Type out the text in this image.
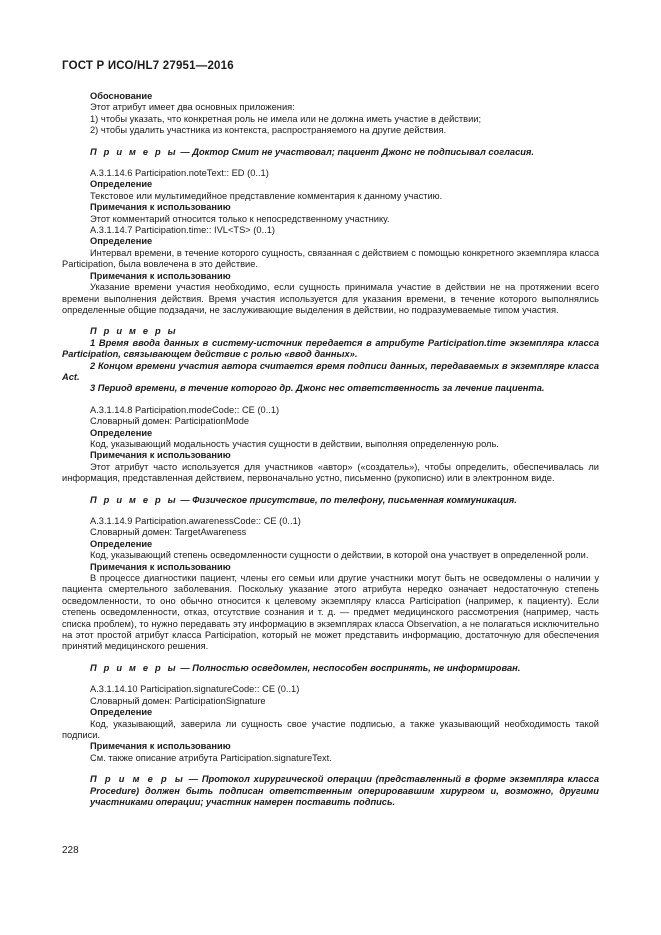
ГОСТ Р ИСО/HL7 27951—2016
Обоснование
Этот атрибут имеет два основных приложения:
1) чтобы указать, что конкретная роль не имела или не должна иметь участие в действии;
2) чтобы удалить участника из контекста, распространяемого на другие действия.
П р и м е р ы — Доктор Смит не участвовал; пациент Джонс не подписывал согласия.
A.3.1.14.6 Participation.noteText:: ED (0..1)
Определение
Текстовое или мультимедийное представление комментария к данному участию.
Примечания к использованию
Этот комментарий относится только к непосредственному участнику.
A.3.1.14.7 Participation.time:: IVL<TS> (0..1)
Определение
Интервал времени, в течение которого сущность, связанная с действием с помощью конкретного экземпляра класса Participation, была вовлечена в это действие.
Примечания к использованию
Указание времени участия необходимо, если сущность принимала участие в действии не на протяжении всего времени выполнения действия. Время участия используется для указания времени, в течение которого выполнялись определенные общие подзадачи, не заслуживающие выделения в действии, но подразумеваемые типом участия.
П р и м е р ы
1 Время ввода данных в систему-источник передается в атрибуте Participation.time экземпляра класса Participation, связывающем действие с ролью «ввод данных».
2 Концом времени участия автора считается время подписи данных, передаваемых в экземпляре класса Act.
3 Период времени, в течение которого др. Джонс нес ответственность за лечение пациента.
A.3.1.14.8 Participation.modeCode:: CE (0..1)
Словарный домен: ParticipationMode
Определение
Код, указывающий модальность участия сущности в действии, выполняя определенную роль.
Примечания к использованию
Этот атрибут часто используется для участников «автор» («создатель»), чтобы определить, обеспечивалась ли информация, представленная действием, первоначально устно, письменно (рукописно) или в электронном виде.
П р и м е р ы — Физическое присутствие, по телефону, письменная коммуникация.
A.3.1.14.9 Participation.awarenessCode:: CE (0..1)
Словарный домен: TargetAwareness
Определение
Код, указывающий степень осведомленности сущности о действии, в которой она участвует в определенной роли.
Примечания к использованию
В процессе диагностики пациент, члены его семьи или другие участники могут быть не осведомлены о наличии у пациента смертельного заболевания. Поскольку указание этого атрибута нередко означает недостаточную степень осведомленности, то оно обычно относится к целевому экземпляру класса Participation (например, к пациенту). Если степень осведомленности, отказ, отсутствие сознания и т. д. — предмет медицинского рассмотрения (например, часть списка проблем), то нужно передавать эту информацию в экземплярах класса Observation, а не полагаться исключительно на этот простой атрибут класса Participation, который не может представить информацию, достаточную для обеспечения принятий медицинского решения.
П р и м е р ы — Полностью осведомлен, неспособен воспринять, не информирован.
A.3.1.14.10 Participation.signatureCode:: CE (0..1)
Словарный домен: ParticipationSignature
Определение
Код, указывающий, заверила ли сущность свое участие подписью, а также указывающий необходимость такой подписи.
Примечания к использованию
См. также описание атрибута Participation.signatureText.
П р и м е р ы — Протокол хирургической операции (представленный в форме экземпляра класса Procedure) должен быть подписан ответственным оперировавшим хирургом и, возможно, другими участниками операции; участник намерен поставить подпись.
228
